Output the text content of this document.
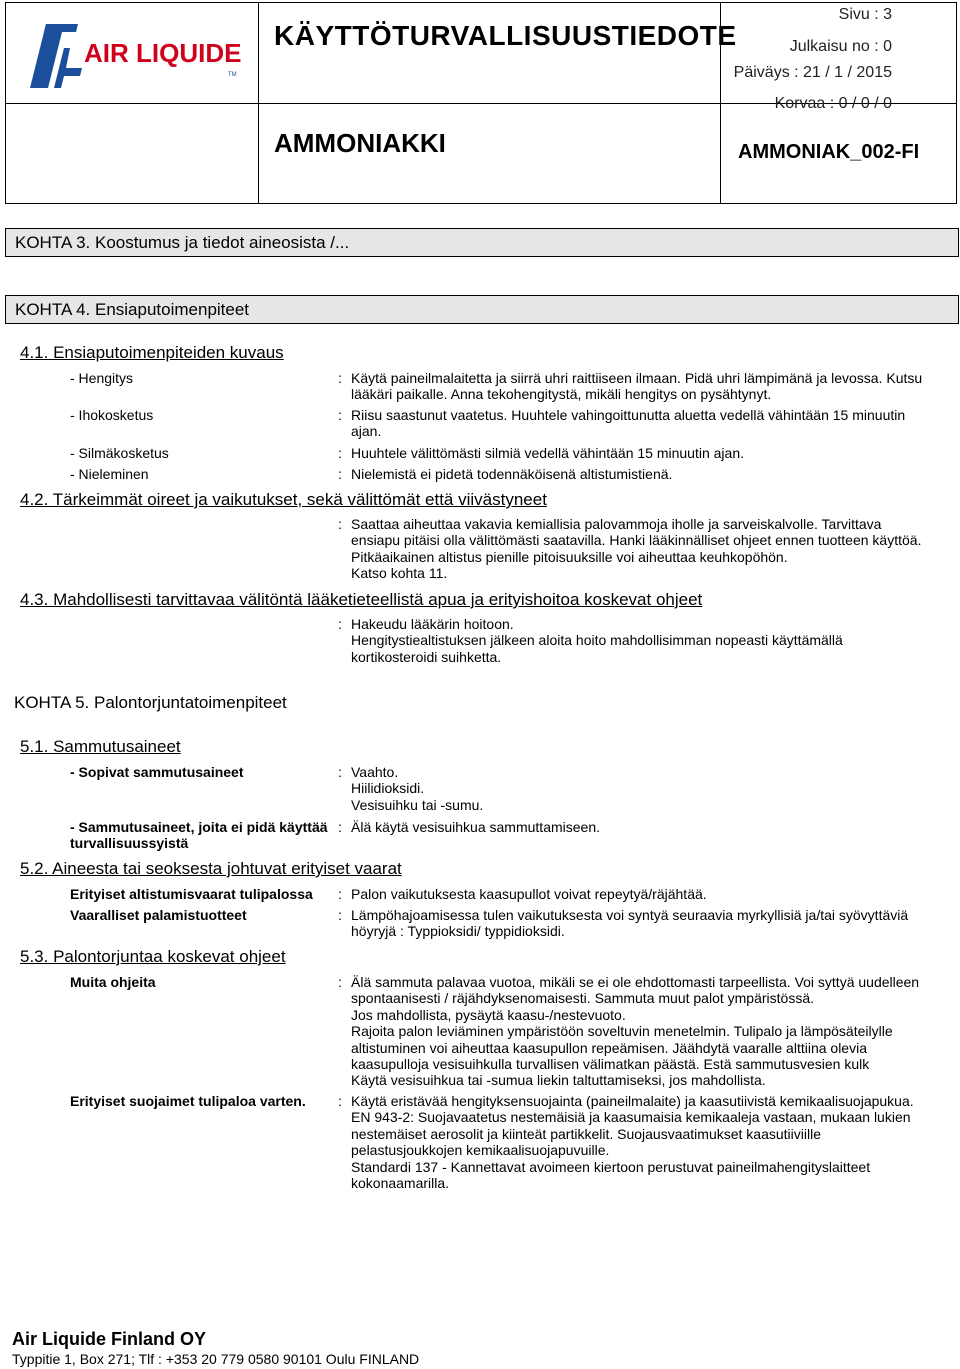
AIR LIQUIDE
TM
KÄYTTÖTURVALLISUUSTIEDOTE
AMMONIAKKI
Sivu : 3
Julkaisu no : 0
Päiväys : 21 / 1 / 2015
Korvaa : 0 / 0 / 0
AMMONIAK_002-FI
KOHTA 3. Koostumus ja tiedot aineosista /...
KOHTA 4. Ensiaputoimenpiteet
4.1. Ensiaputoimenpiteiden kuvaus
- Hengitys	: Käytä paineilmalaitetta ja siirrä uhri raittiiseen ilmaan. Pidä uhri lämpimänä ja levossa. Kutsu
lääkäri paikalle. Anna tekohengitystä, mikäli hengitys on pysähtynyt.
- Ihokosketus	: Riisu saastunut vaatetus. Huuhtele vahingoittunutta aluetta vedellä vähintään 15 minuutin
ajan.
- Silmäkosketus	: Huuhtele välittömästi silmiä vedellä vähintään 15 minuutin ajan.
- Nieleminen	: Nielemistä ei pidetä todennäköisenä altistumistienä.
4.2. Tärkeimmät oireet ja vaikutukset, sekä välittömät että viivästyneet
: Saattaa aiheuttaa vakavia kemiallisia palovammoja iholle ja sarveiskalvolle. Tarvittava
ensiapu pitäisi olla välittömästi saatavilla. Hanki lääkinnälliset ohjeet ennen tuotteen käyttöä.
Pitkäaikainen altistus pienille pitoisuuksille voi aiheuttaa keuhkopöhön.
Katso kohta 11.
4.3. Mahdollisesti tarvittavaa välitöntä lääketieteellistä apua ja erityishoitoa koskevat ohjeet
: Hakeudu lääkärin hoitoon.
Hengitystiealtistuksen jälkeen aloita hoito mahdollisimman nopeasti käyttämällä
kortikosteroidi suihketta.
KOHTA 5. Palontorjuntatoimenpiteet
5.1. Sammutusaineet
- Sopivat sammutusaineet	: Vaahto.
Hiilidioksidi.
Vesisuihku tai -sumu.
- Sammutusaineet, joita ei pidä käyttää
turvallisuussyistä
: Älä käytä vesisuihkua sammuttamiseen.
5.2. Aineesta tai seoksesta johtuvat erityiset vaarat
Erityiset altistumisvaarat tulipalossa : Palon vaikutuksesta kaasupullot voivat repeytyä/räjähtää.
Vaaralliset palamistuotteet	: Lämpöhajoamisessa tulen vaikutuksesta voi syntyä seuraavia myrkyllisiä ja/tai syövyttäviä
höyryjä : Typpioksidi/ typpidioksidi.
5.3. Palontorjuntaa koskevat ohjeet
Muita ohjeita	: Älä sammuta palavaa vuotoa, mikäli se ei ole ehdottomasti tarpeellista. Voi syttyä uudelleen
spontaanisesti / räjähdyksenomaisesti. Sammuta muut palot ympäristössä.
Jos mahdollista, pysäytä kaasu-/nestevuoto.
Rajoita palon leviäminen ympäristöön soveltuvin menetelmin. Tulipalo ja lämpösäteilylle
altistuminen voi aiheuttaa kaasupullon repeämisen. Jäähdytä vaaralle alttiina olevia
kaasupulloja vesisuihkulla turvallisen välimatkan päästä. Estä sammutusvesien kulk
Käytä vesisuihkua tai -sumua liekin taltuttamiseksi, jos mahdollista.
Erityiset suojaimet tulipaloa varten. : Käytä eristävää hengityksensuojainta (paineilmalaite) ja kaasutiivistä kemikaalisuojapukua.
EN 943-2: Suojavaatetus nestemäisiä ja kaasumaisia kemikaaleja vastaan, mukaan lukien
nestemäiset aerosolit ja kiinteät partikkelit. Suojausvaatimukset kaasutiiviille
pelastusjoukkojen kemikaalisuojapuvuille.
Standardi 137 - Kannettavat avoimeen kiertoon perustuvat paineilmahengityslaitteet
kokonaamarilla.
Air Liquide Finland OY
Typpitie 1, Box 271; Tlf : +353 20 779 0580 90101 Oulu FINLAND
